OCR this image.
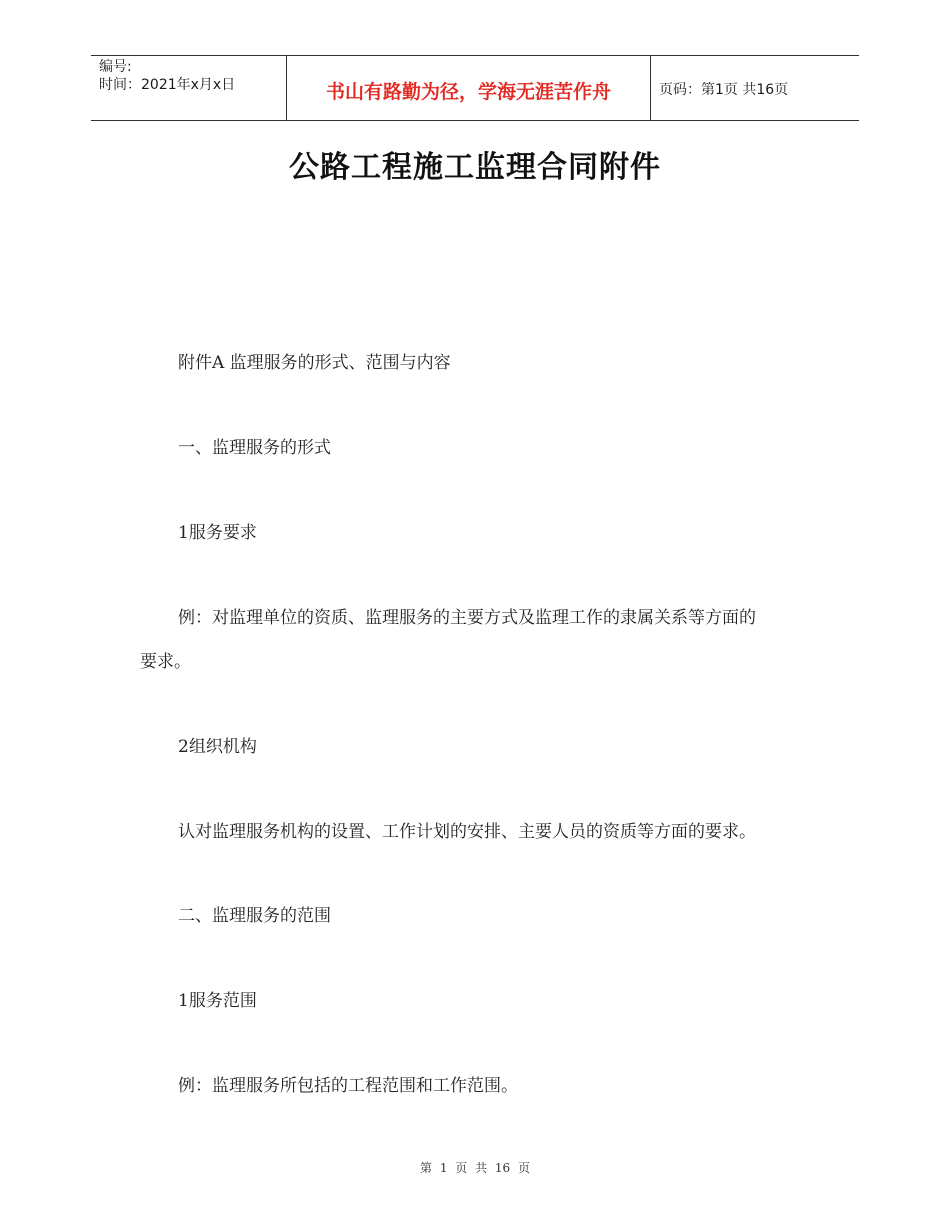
编号:
时间：2021年x月x日	书山有路勤为径，学海无涯苦作舟	页码：第1页 共16页
公路工程施工监理合同附件
附件A 监理服务的形式、范围与内容
一、监理服务的形式
1服务要求
例：对监理单位的资质、监理服务的主要方式及监理工作的隶属关系等方面的
要求。
2组织机构
认对监理服务机构的设置、工作计划的安排、主要人员的资质等方面的要求。
二、监理服务的范围
1服务范围
例：监理服务所包括的工程范围和工作范围。
第 1 页 共 16 页
